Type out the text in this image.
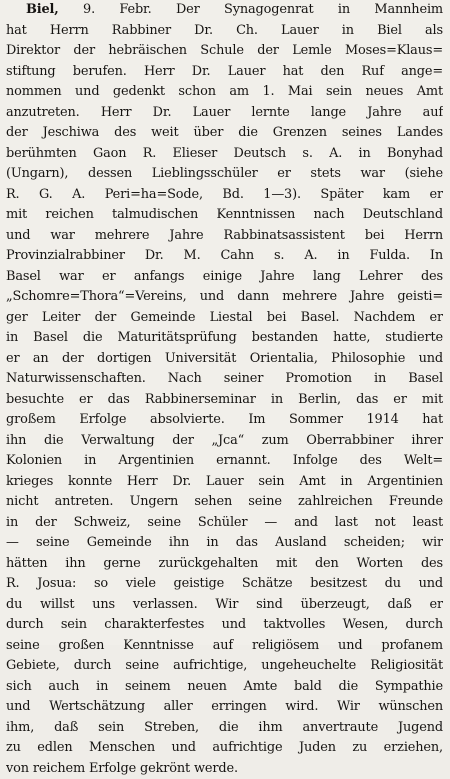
Biel, 9. Febr. Der Synagogenrat in Mannheim
hat Herrn Rabbiner Dr. Ch. Lauer in Biel als
Direktor der hebräischen Schule der Lemle Moses=Klaus=
stiftung berufen. Herr Dr. Lauer hat den Ruf ange=
nommen und gedenkt schon am 1. Mai sein neues Amt
anzutreten. Herr Dr. Lauer lernte lange Jahre auf
der Jeschiwa des weit über die Grenzen seines Landes
berühmten Gaon R. Elieser Deutsch s. A. in Bonyhad
(Ungarn), dessen Lieblingsschüler er stets war (siehe
R. G. A. Peri=ha=Sode, Bd. 1—3). Später kam er
mit reichen talmudischen Kenntnissen nach Deutschland
und war mehrere Jahre Rabbinatsassistent bei Herrn
Provinzialrabbiner Dr. M. Cahn s. A. in Fulda. In
Basel war er anfangs einige Jahre lang Lehrer des
„Schomre=Thora“=Vereins, und dann mehrere Jahre geisti=
ger Leiter der Gemeinde Liestal bei Basel. Nachdem er
in Basel die Maturitätsprüfung bestanden hatte, studierte
er an der dortigen Universität Orientalia, Philosophie und
Naturwissenschaften. Nach seiner Promotion in Basel
besuchte er das Rabbinerseminar in Berlin, das er mit
großem Erfolge absolvierte. Im Sommer 1914 hat
ihn die Verwaltung der „Jca“ zum Oberrabbiner ihrer
Kolonien in Argentinien ernannt. Infolge des Welt=
krieges konnte Herr Dr. Lauer sein Amt in Argentinien
nicht antreten. Ungern sehen seine zahlreichen Freunde
in der Schweiz, seine Schüler — and last not least
— seine Gemeinde ihn in das Ausland scheiden; wir
hätten ihn gerne zurückgehalten mit den Worten des
R. Josua: so viele geistige Schätze besitzest du und
du willst uns verlassen. Wir sind überzeugt, daß er
durch sein charakterfestes und taktvolles Wesen, durch
seine großen Kenntnisse auf religiösem und profanem
Gebiete, durch seine aufrichtige, ungeheuchelte Religiosität
sich auch in seinem neuen Amte bald die Sympathie
und Wertschätzung aller erringen wird. Wir wünschen
ihm, daß sein Streben, die ihm anvertraute Jugend
zu edlen Menschen und aufrichtige Juden zu erziehen,
von reichem Erfolge gekrönt werde.
